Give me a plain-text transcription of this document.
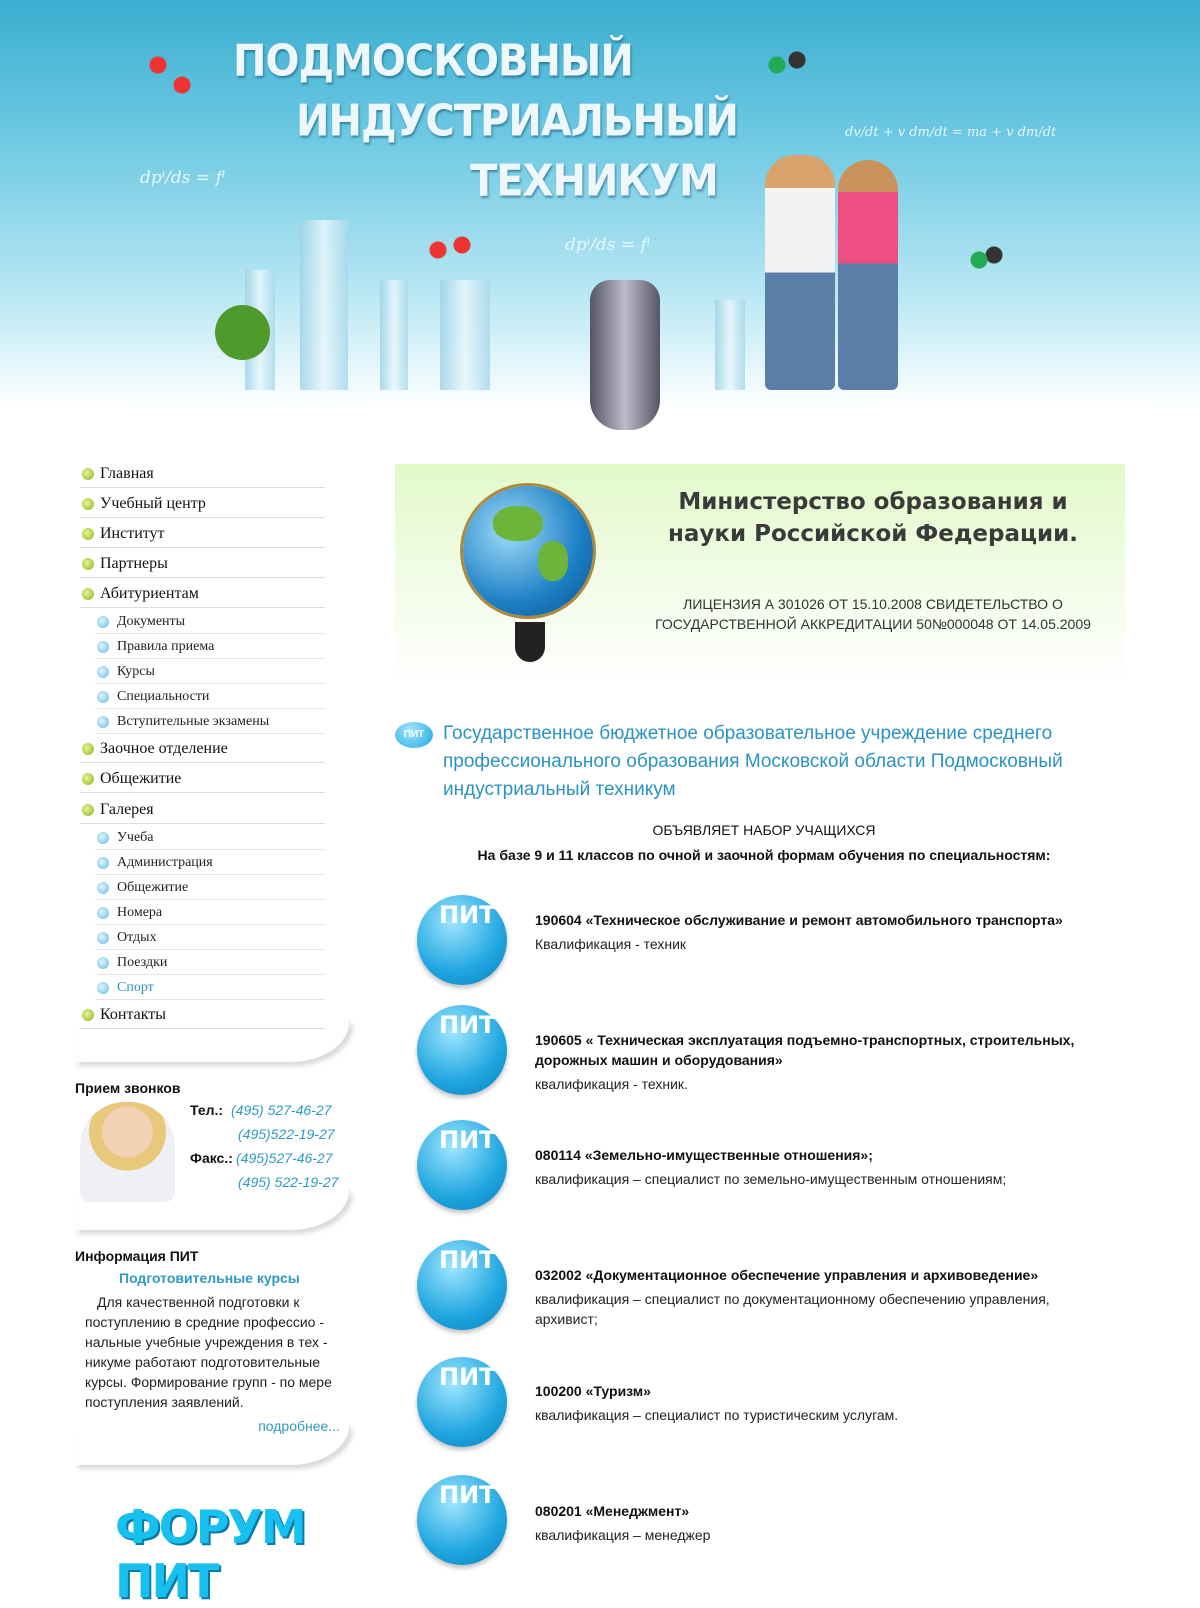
ПОДМОСКОВНЫЙ
ИНДУСТРИАЛЬНЫЙ
ТЕХНИКУМ
dpⁱ/ds = fⁱ
dpⁱ/ds = fⁱ
dv/dt + v dm/dt = ma + v dm/dt
Главная
Учебный центр
Институт
Партнеры
Абитуриентам
Документы
Правила приема
Курсы
Специальности
Вступительные экзамены
Заочное отделение
Общежитие
Галерея
Учеба
Администрация
Общежитие
Номера
Отдых
Поездки
Спорт
Контакты
Прием звонков
Тел.: (495) 527-46-27
(495)522-19-27
Факс.: (495)527-46-27
(495) 522-19-27
Информация ПИТ
Подготовительные курсы
Для качественной подготовки к поступлению в средние профессио - нальные учебные учреждения в тех - никуме работают подготовительные курсы. Формирование групп - по мере поступления заявлений.
подробнее...
ФОРУМ ПИТ
Министерство образования и науки Российской Федерации.
ЛИЦЕНЗИЯ А 301026 ОТ 15.10.2008 СВИДЕТЕЛЬСТВО О ГОСУДАРСТВЕННОЙ АККРЕДИТАЦИИ 50№000048 ОТ 14.05.2009
ПИТ Государственное бюджетное образовательное учреждение среднего профессионального образования Московской области Подмосковный индустриальный техникум
ОБЪЯВЛЯЕТ НАБОР УЧАЩИХСЯ
На базе 9 и 11 классов по очной и заочной формам обучения по специальностям:
ПИТ	190604 «Техническое обслуживание и ремонт автомобильного транспорта»
Квалификация - техник
ПИТ
190605 « Техническая эксплуатация подъемно-транспортных, строительных, дорожных машин и оборудования»
квалификация - техник.
ПИТ
080114 «Земельно-имущественные отношения»;
квалификация – специалист по земельно-имущественным отношениям;
ПИТ
032002 «Документационное обеспечение управления и архивоведение»
квалификация – специалист по документационному обеспечению управления, архивист;
ПИТ	100200 «Туризм»
квалификация – специалист по туристическим услугам.
ПИТ
080201 «Менеджмент»
квалификация – менеджер
